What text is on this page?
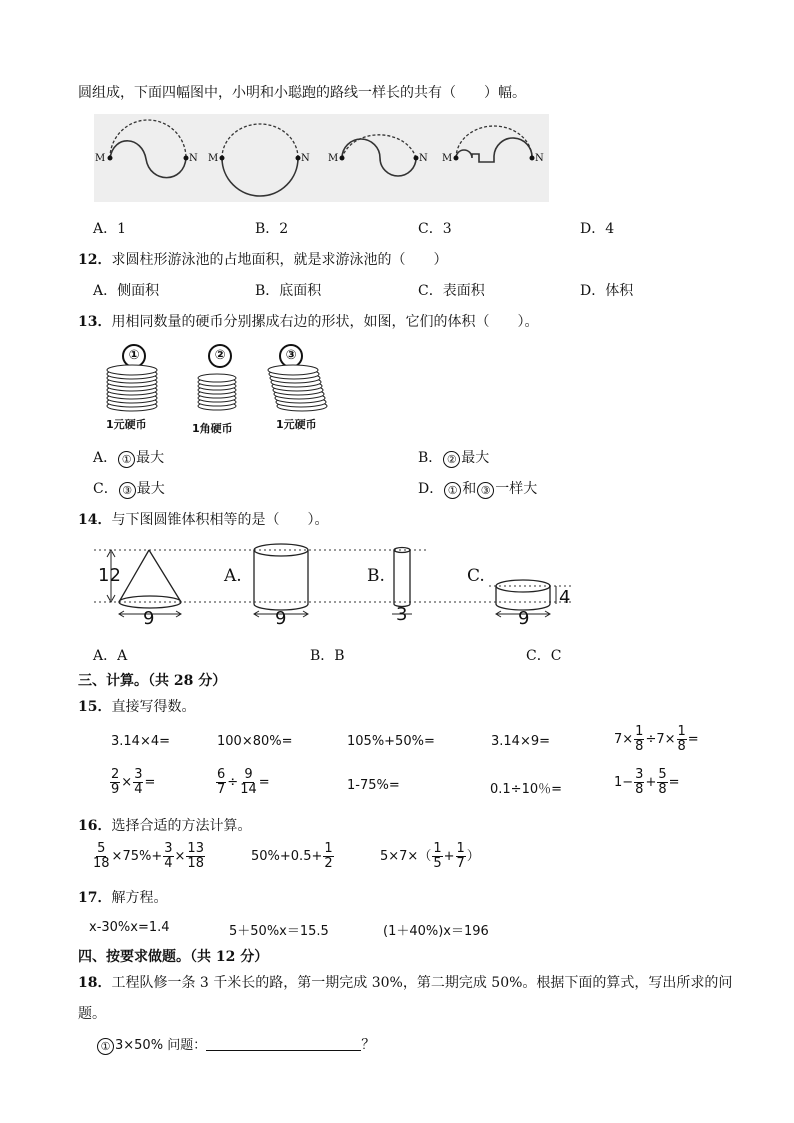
圆组成，下面四幅图中，小明和小聪跑的路线一样长的共有（　　）幅。
M	N M	N M	N M	N
A．1	B．2	C．3	D．4
12．求圆柱形游泳池的占地面积，就是求游泳池的（　　）
A．侧面积	B．底面积	C．表面积	D．体积
13．用相同数量的硬币分别摞成右边的形状，如图，它们的体积（　　）。
①	②	③
1元硬币	1角硬币	1元硬币
A． ① 最大	B． ② 最大
C． ③ 最大	D． ① 和 ③ 一样大
14．与下图圆锥体积相等的是（　　）。
12
9
A.
9
B.
3
C.
9
4
A．A	B．B	C．C
三、计算。（共 28 分）
15．直接写得数。
3.14×4=	100×80%=	105%+50%=	3.14×9=	$7\times \frac{1}{8} \div 7\times \frac{1}{8}$ =
$\frac{2}{9} \times \frac{3}{4}$ =	$\frac{6}{7} \div \frac{9}{14}$ =	1-75%=	0.1÷10％=	$1- \frac{3}{8} + \frac{5}{8}$ =
16．选择合适的方法计算。
$\frac{5}{18} \times 75\%+ \frac{3}{4} \times \frac{13}{18}$	$50\%+0.5+ \frac{1}{2}$	$5\times 7\times( \frac{1}{5} + \frac{1}{7}$ ）
17．解方程。
x-30%x=1.4	5＋50%x＝15.5	(1＋40%)x＝196
四、按要求做题。（共 12 分）
18．工程队修一条 3 千米长的路，第一期完成 30%，第二期完成 50%。根据下面的算式，写出所求的问
题。
① 3×50% 问题：	？
